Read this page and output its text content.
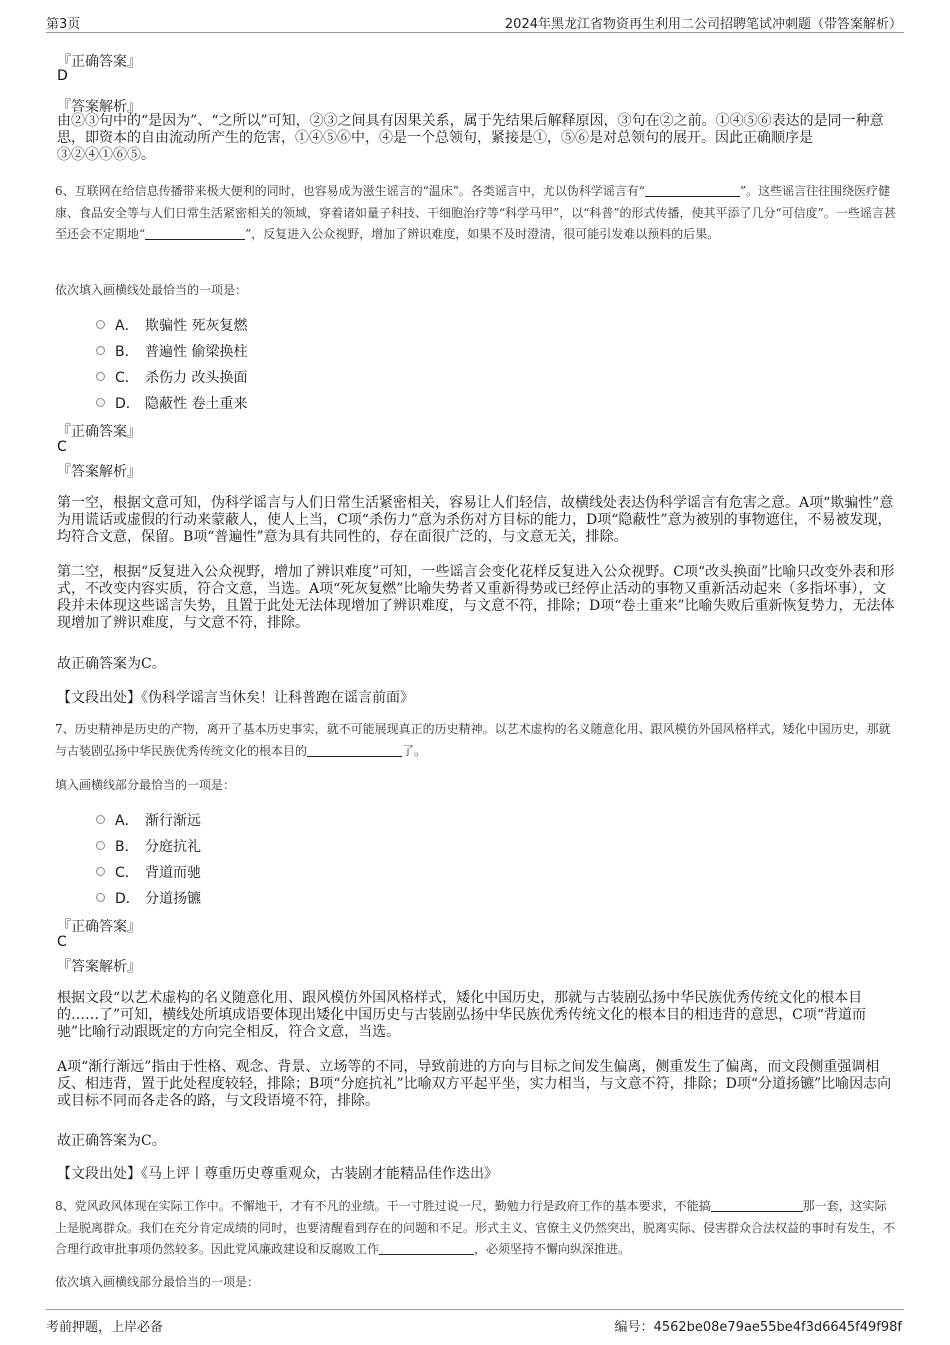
第3页	2024年黑龙江省物资再生利用二公司招聘笔试冲刺题（带答案解析）
『正确答案』
D
『答案解析』
由②③句中的“是因为”、“之所以”可知，②③之间具有因果关系，属于先结果后解释原因，③句在②之前。①④⑤⑥表达的是同一种意思，即资本的自由流动所产生的危害，①④⑤⑥中，④是一个总领句，紧接是①，⑤⑥是对总领句的展开。因此正确顺序是③②④①⑥⑤。
6、互联网在给信息传播带来极大便利的同时，也容易成为滋生谣言的“温床”。各类谣言中，尤以伪科学谣言有“	”。这些谣言往往围绕医疗健康、食品安全等与人们日常生活紧密相关的领域，穿着诸如量子科技、干细胞治疗等“科学马甲”，以“科普”的形式传播，使其平添了几分“可信度”。一些谣言甚至还会不定期地“	”，反复进入公众视野，增加了辨识难度，如果不及时澄清，很可能引发难以预料的后果。
依次填入画横线处最恰当的一项是：
A． 欺骗性 死灰复燃
B． 普遍性 偷梁换柱
C． 杀伤力 改头换面
D． 隐蔽性 卷土重来
『正确答案』
C
『答案解析』
第一空，根据文意可知，伪科学谣言与人们日常生活紧密相关，容易让人们轻信，故横线处表达伪科学谣言有危害之意。A项“欺骗性”意为用谎话或虚假的行动来蒙蔽人，使人上当，C项“杀伤力”意为杀伤对方目标的能力，D项“隐蔽性”意为被别的事物遮住，不易被发现，均符合文意，保留。B项“普遍性”意为具有共同性的，存在面很广泛的，与文意无关，排除。
第二空，根据“反复进入公众视野，增加了辨识难度”可知，一些谣言会变化花样反复进入公众视野。C项“改头换面”比喻只改变外表和形式，不改变内容实质，符合文意，当选。A项“死灰复燃”比喻失势者又重新得势或已经停止活动的事物又重新活动起来（多指坏事），文段并未体现这些谣言失势，且置于此处无法体现增加了辨识难度，与文意不符，排除；D项“卷土重来”比喻失败后重新恢复势力，无法体现增加了辨识难度，与文意不符，排除。
故正确答案为C。
【文段出处】《伪科学谣言当休矣！让科普跑在谣言前面》
7、历史精神是历史的产物，离开了基本历史事实，就不可能展现真正的历史精神。以艺术虚构的名义随意化用、跟风模仿外国风格样式，矮化中国历史，那就与古装剧弘扬中华民族优秀传统文化的根本目的	了。
填入画横线部分最恰当的一项是：
A． 渐行渐远
B． 分庭抗礼
C． 背道而驰
D． 分道扬镳
『正确答案』
C
『答案解析』
根据文段“以艺术虚构的名义随意化用、跟风模仿外国风格样式，矮化中国历史，那就与古装剧弘扬中华民族优秀传统文化的根本目的……了”可知，横线处所填成语要体现出矮化中国历史与古装剧弘扬中华民族优秀传统文化的根本目的相违背的意思，C项“背道而驰”比喻行动跟既定的方向完全相反，符合文意，当选。
A项“渐行渐远”指由于性格、观念、背景、立场等的不同，导致前进的方向与目标之间发生偏离，侧重发生了偏离，而文段侧重强调相反、相违背，置于此处程度较轻，排除；B项“分庭抗礼”比喻双方平起平坐，实力相当，与文意不符，排除；D项“分道扬镳”比喻因志向或目标不同而各走各的路，与文段语境不符，排除。
故正确答案为C。
【文段出处】《马上评丨尊重历史尊重观众，古装剧才能精品佳作迭出》
8、党风政风体现在实际工作中。不懈地干，才有不凡的业绩。干一寸胜过说一尺，勤勉力行是政府工作的基本要求，不能搞	那一套，这实际上是脱离群众。我们在充分肯定成绩的同时，也要清醒看到存在的问题和不足。形式主义、官僚主义仍然突出，脱离实际、侵害群众合法权益的事时有发生，不合理行政审批事项仍然较多。因此党风廉政建设和反腐败工作	，必须坚持不懈向纵深推进。
依次填入画横线部分最恰当的一项是：
考前押题，上岸必备	编号：4562be08e79ae55be4f3d6645f49f98f
